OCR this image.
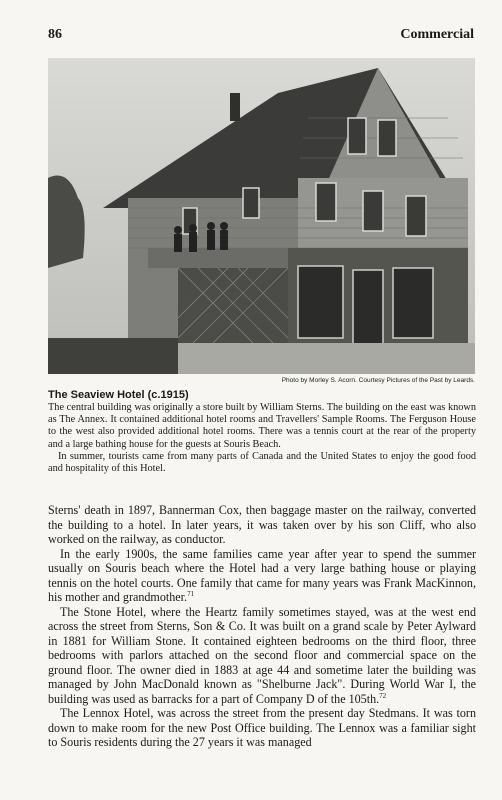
86	Commercial
Photo by Morley S. Acorn. Courtesy Pictures of the Past by Leards.
The Seaview Hotel (c.1915)

The central building was originally a store built by William Sterns. The building on the east was known as The Annex. It contained additional hotel rooms and Travellers' Sample Rooms. The Ferguson House to the west also provided additional hotel rooms. There was a tennis court at the rear of the property and a large bathing house for the guests at Souris Beach.

In summer, tourists came from many parts of Canada and the United States to enjoy the good food and hospitality of this Hotel.

Sterns' death in 1897, Bannerman Cox, then baggage master on the railway, converted the building to a hotel. In later years, it was taken over by his son Cliff, who also worked on the railway, as conductor.

In the early 1900s, the same families came year after year to spend the summer usually on Souris beach where the Hotel had a very large bathing house or playing tennis on the hotel courts. One family that came for many years was Frank MacKinnon, his mother and grandmother.$^{71}$

The Stone Hotel, where the Heartz family sometimes stayed, was at the west end across the street from Sterns, Son & Co. It was built on a grand scale by Peter Aylward in 1881 for William Stone. It contained eighteen bedrooms on the third floor, three bedrooms with parlors attached on the second floor and commercial space on the ground floor. The owner died in 1883 at age 44 and sometime later the building was managed by John MacDonald known as "Shelburne Jack". During World War I, the building was used as barracks for a part of Company D of the 105th.$^{72}$

The Lennox Hotel, was across the street from the present day Stedmans. It was torn down to make room for the new Post Office building. The Lennox was a familiar sight to Souris residents during the 27 years it was managed
